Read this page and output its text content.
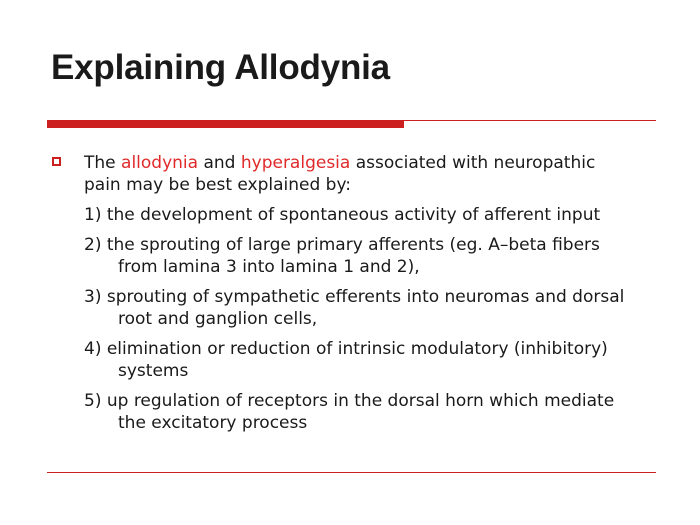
Explaining Allodynia

The allodynia and hyperalgesia associated with neuropathic pain may be best explained by:

1) the development of spontaneous activity of afferent input
2) the sprouting of large primary afferents (eg. A–beta fibers from lamina 3 into lamina 1 and 2),
3) sprouting of sympathetic efferents into neuromas and dorsal root and ganglion cells,
4) elimination or reduction of intrinsic modulatory (inhibitory) systems
5) up regulation of receptors in the dorsal horn which mediate the excitatory process
